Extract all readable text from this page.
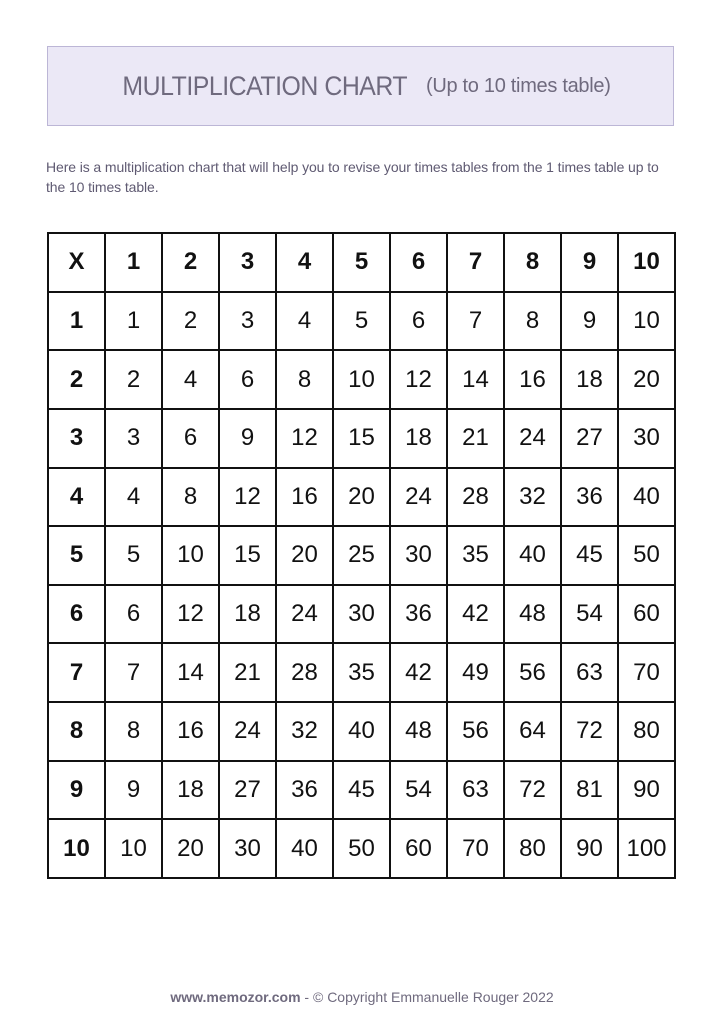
MULTIPLICATION CHART (Up to 10 times table)
Here is a multiplication chart that will help you to revise your times tables from the 1 times table up to the 10 times table.
X	1	2	3	4	5	6	7	8	9	10
1	1	2	3	4	5	6	7	8	9	10
2	2	4	6	8	10	12	14	16	18	20
3	3	6	9	12	15	18	21	24	27	30
4	4	8	12	16	20	24	28	32	36	40
5	5	10	15	20	25	30	35	40	45	50
6	6	12	18	24	30	36	42	48	54	60
7	7	14	21	28	35	42	49	56	63	70
8	8	16	24	32	40	48	56	64	72	80
9	9	18	27	36	45	54	63	72	81	90
10	10	20	30	40	50	60	70	80	90	100
www.memozor.com - © Copyright Emmanuelle Rouger 2022
